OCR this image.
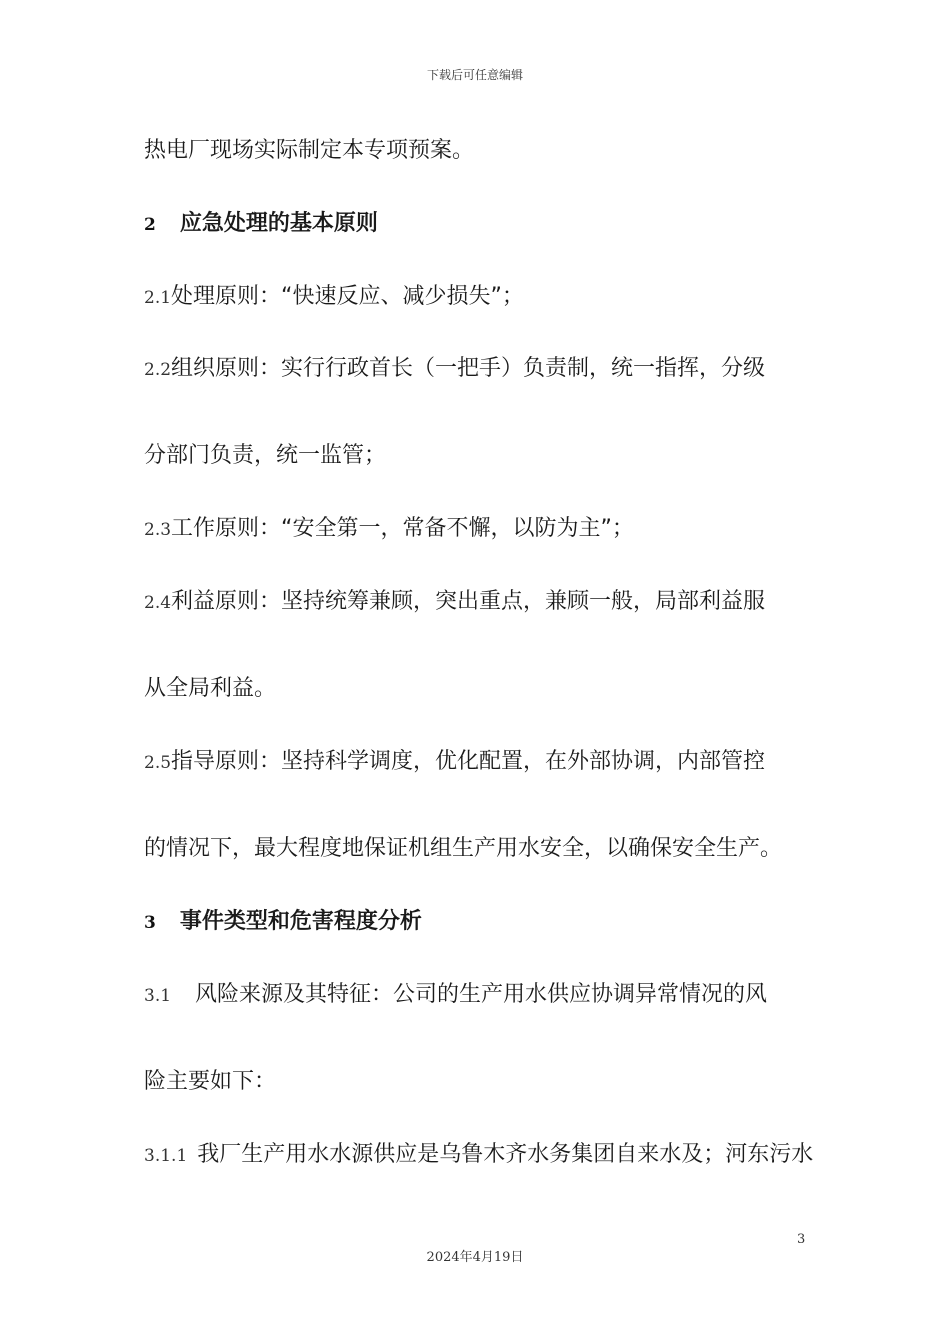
下载后可任意编辑
热电厂现场实际制定本专项预案。
2 应急处理的基本原则
2.1处理原则：“快速反应、减少损失”；
2.2组织原则：实行行政首长（一把手）负责制，统一指挥，分级
分部门负责，统一监管；
2.3工作原则：“安全第一，常备不懈，以防为主”；
2.4利益原则：坚持统筹兼顾，突出重点，兼顾一般，局部利益服
从全局利益。
2.5指导原则：坚持科学调度，优化配置，在外部协调，内部管控
的情况下，最大程度地保证机组生产用水安全，以确保安全生产。
3 事件类型和危害程度分析
3.1 风险来源及其特征：公司的生产用水供应协调异常情况的风
险主要如下：
3.1.1 我厂生产用水水源供应是乌鲁木齐水务集团自来水及；河东污水
3
2024年4月19日
